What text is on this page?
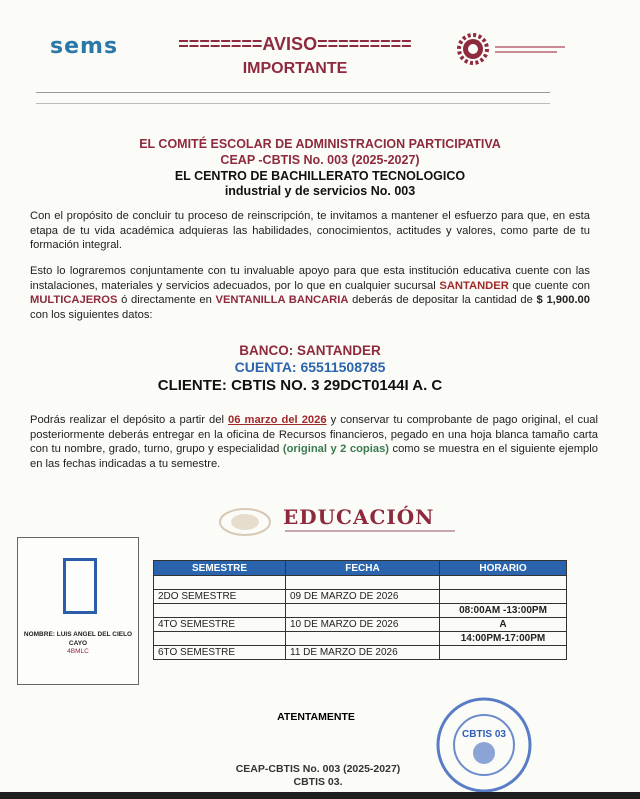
sems	========AVISO=========
IMPORTANTE
EL COMITÉ ESCOLAR DE ADMINISTRACION PARTICIPATIVA
CEAP -CBTIS No. 003 (2025-2027)
EL CENTRO DE BACHILLERATO TECNOLOGICO
industrial y de servicios No. 003
Con el propósito de concluir tu proceso de reinscripción, te invitamos a mantener el esfuerzo para que, en esta etapa de tu vida académica adquieras las habilidades, conocimientos, actitudes y valores, como parte de tu formación integral.
Esto lo lograremos conjuntamente con tu invaluable apoyo para que esta institución educativa cuente con las instalaciones, materiales y servicios adecuados, por lo que en cualquier sucursal SANTANDER que cuente con MULTICAJEROS ó directamente en VENTANILLA BANCARIA deberás de depositar la cantidad de $ 1,900.00 con los siguientes datos:
BANCO: SANTANDER
CUENTA: 65511508785
CLIENTE: CBTIS NO. 3 29DCT0144I A. C
Podrás realizar el depósito a partir del 06 marzo del 2026 y conservar tu comprobante de pago original, el cual posteriormente deberás entregar en la oficina de Recursos financieros, pegado en una hoja blanca tamaño carta con tu nombre, grado, turno, grupo y especialidad (original y 2 copias) como se muestra en el siguiente ejemplo en las fechas indicadas a tu semestre.
EDUCACIÓN
NOMBRE: LUIS ANGEL DEL CIELO CAYO
4BMLC
SEMESTRE	FECHA	HORARIO

2DO SEMESTRE	09 DE MARZO DE 2026	
		08:00AM -13:00PM
4TO SEMESTRE	10 DE MARZO DE 2026	A
		14:00PM-17:00PM
6TO SEMESTRE	11 DE MARZO DE 2026	
ATENTAMENTE
CBTIS 03
CEAP-CBTIS No. 003 (2025-2027)
CBTIS 03.
